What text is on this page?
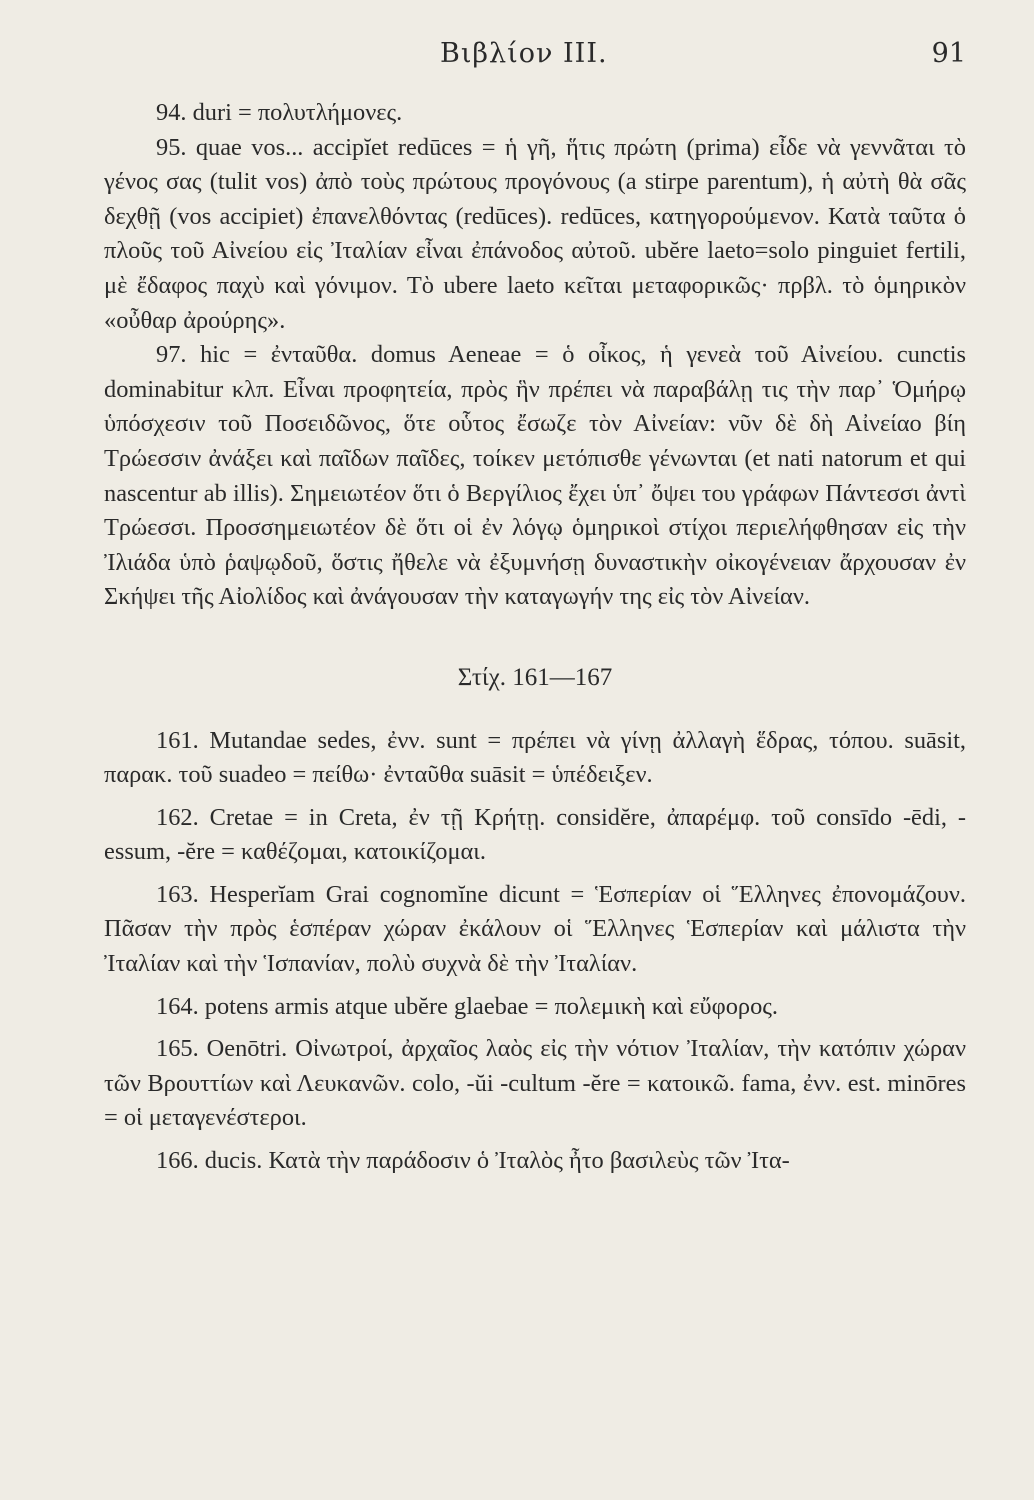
Βιβλίον III.	91

94. duri = πολυτλήμονες.

95. quae vos... accipĭet redūces = ἡ γῆ, ἥτις πρώτη (prima) εἶδε νὰ γεννᾶται τὸ γένος σας (tulit vos) ἀπὸ τοὺς πρώτους προγόνους (a stirpe parentum), ἡ αὐτὴ θὰ σᾶς δεχθῇ (vos accipiet) ἐπανελθόντας (redūces). redūces, κατηγορούμενον. Κατὰ ταῦτα ὁ πλοῦς τοῦ Αἰνείου εἰς Ἰταλίαν εἶναι ἐπάνοδος αὐτοῦ. ubĕre laeto=solo pinguiet fertili, μὲ ἔδαφος παχὺ καὶ γόνιμον. Τὸ ubere laeto κεῖται μεταφορικῶς· πρβλ. τὸ ὁμηρικὸν «οὖθαρ ἀρούρης».

97. hic = ἐνταῦθα. domus Aeneae = ὁ οἶκος, ἡ γενεὰ τοῦ Αἰνείου. cunctis dominabitur κλπ. Εἶναι προφητεία, πρὸς ἣν πρέπει νὰ παραβάλῃ τις τὴν παρ᾽ Ὁμήρῳ ὑπόσχεσιν τοῦ Ποσειδῶνος, ὅτε οὗτος ἔσωζε τὸν Αἰνείαν: νῦν δὲ δὴ Αἰνείαο βίη Τρώεσσιν ἀνάξει καὶ παῖδων παῖδες, τοίκεν μετόπισθε γένωνται (et nati natorum et qui nascentur ab illis). Σημειωτέον ὅτι ὁ Βεργίλιος ἔχει ὑπ᾽ ὄψει του γράφων Πάντεσσι ἀντὶ Τρώεσσι. Προσσημειωτέον δὲ ὅτι οἱ ἐν λόγῳ ὁμηρικοὶ στίχοι περιελήφθησαν εἰς τὴν Ἰλιάδα ὑπὸ ῥαψῳδοῦ, ὅστις ἤθελε νὰ ἐξυμνήσῃ δυναστικὴν οἰκογένειαν ἄρχουσαν ἐν Σκήψει τῆς Αἰολίδος καὶ ἀνάγουσαν τὴν καταγωγήν της εἰς τὸν Αἰνείαν.

Στίχ. 161—167

161. Mutandae sedes, ἐνν. sunt = πρέπει νὰ γίνῃ ἀλλαγὴ ἕδρας, τόπου. suāsit, παρακ. τοῦ suadeo = πείθω· ἐνταῦθα suāsit = ὑπέδειξεν.

162. Cretae = in Creta, ἐν τῇ Κρήτῃ. considĕre, ἀπαρέμφ. τοῦ consīdo -ēdi, -essum, -ĕre = καθέζομαι, κατοικίζομαι.

163. Hesperĭam Grai cognomĭne dicunt = Ἑσπερίαν οἱ Ἕλληνες ἐπονομάζουν. Πᾶσαν τὴν πρὸς ἑσπέραν χώραν ἐκάλουν οἱ Ἕλληνες Ἑσπερίαν καὶ μάλιστα τὴν Ἰταλίαν καὶ τὴν Ἱσπανίαν, πολὺ συχνὰ δὲ τὴν Ἰταλίαν.

164. potens armis atque ubĕre glaebae = πολεμικὴ καὶ εὔφορος.

165. Oenōtri. Οἰνωτροί, ἀρχαῖος λαὸς εἰς τὴν νότιον Ἰταλίαν, τὴν κατόπιν χώραν τῶν Βρουττίων καὶ Λευκανῶν. colo, -ŭi -cultum -ĕre = κατοικῶ. fama, ἐνν. est. minōres = οἱ μεταγενέστεροι.

166. ducis. Κατὰ τὴν παράδοσιν ὁ Ἰταλὸς ἦτο βασιλεὺς τῶν Ἰτα-
